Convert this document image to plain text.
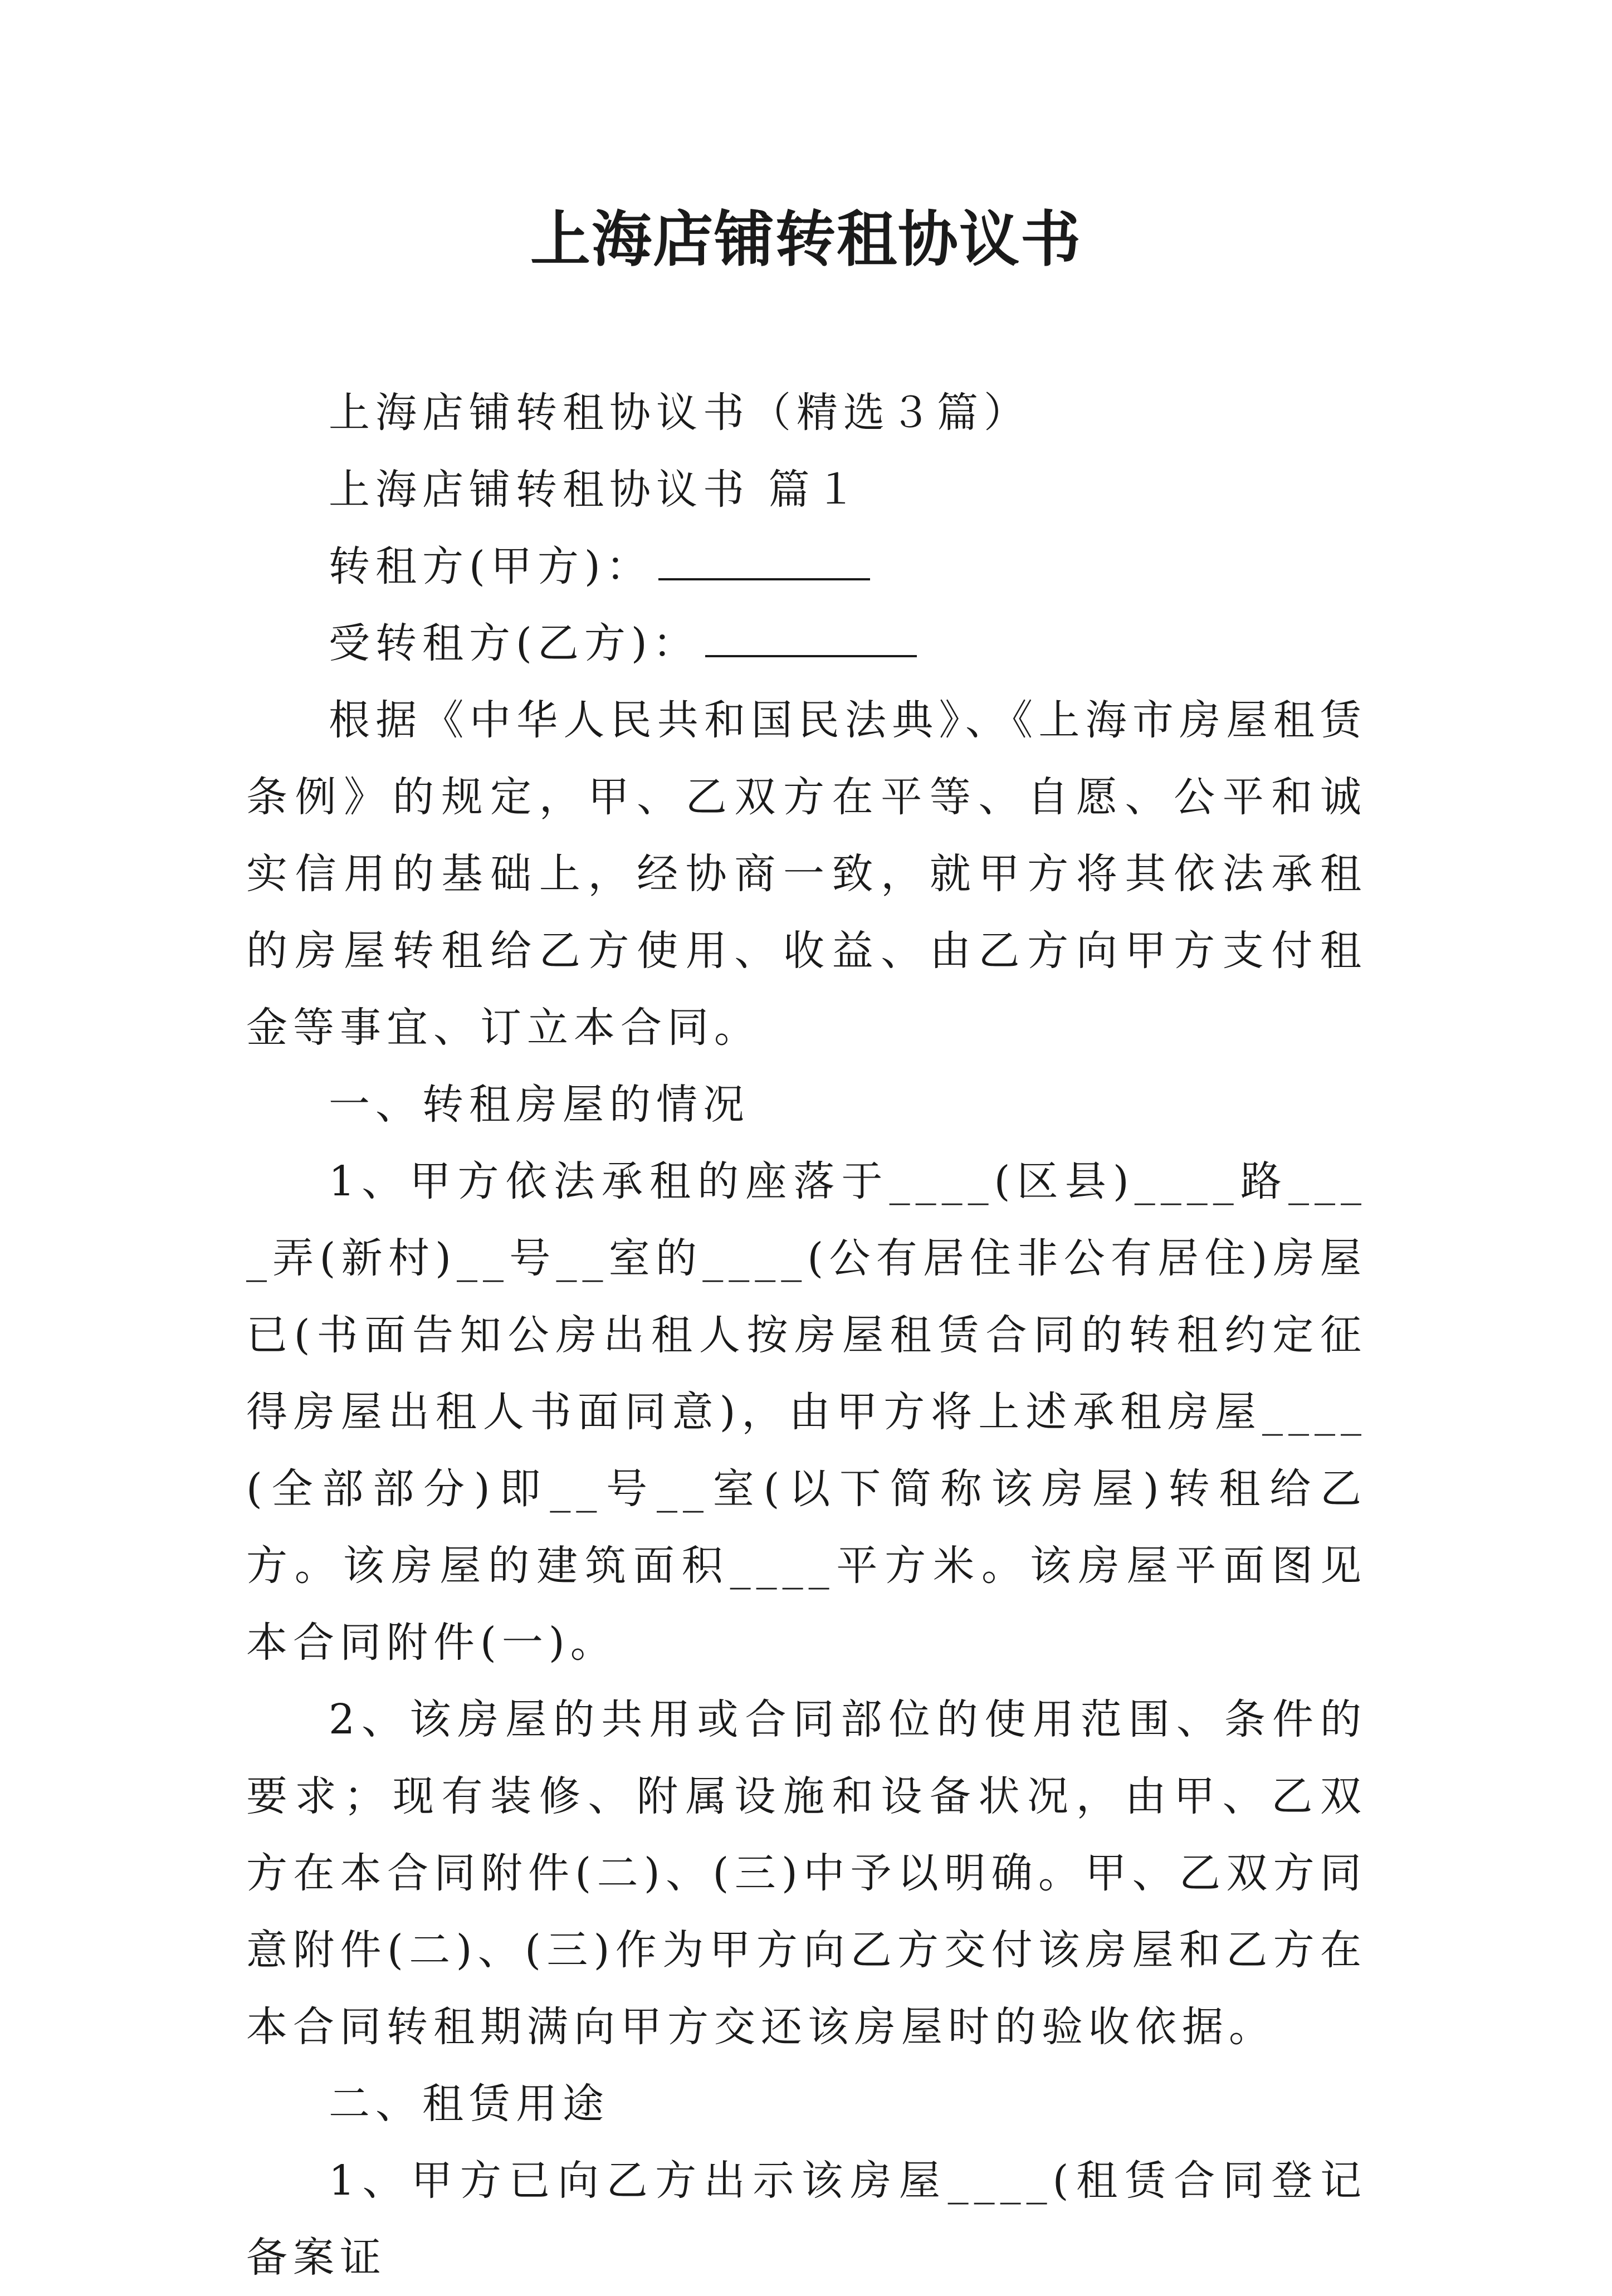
上海店铺转租协议书

上海店铺转租协议书（精选３篇）

上海店铺转租协议书 篇１

转租方(甲方)：

受转租方(乙方)：

根据《中华人民共和国民法典》、《上海市房屋租赁条例》的规定，甲、乙双方在平等、自愿、公平和诚实信用的基础上，经协商一致，就甲方将其依法承租的房屋转租给乙方使用、收益、由乙方向甲方支付租金等事宜、订立本合同。

一、转租房屋的情况

1、甲方依法承租的座落于____(区县)____路____弄(新村)__号__室的____(公有居住非公有居住)房屋已(书面告知公房出租人按房屋租赁合同的转租约定征得房屋出租人书面同意)，由甲方将上述承租房屋____(全部部分)即__号__室(以下简称该房屋)转租给乙方。该房屋的建筑面积____平方米。该房屋平面图见本合同附件(一)。

2、该房屋的共用或合同部位的使用范围、条件的要求；现有装修、附属设施和设备状况，由甲、乙双方在本合同附件(二)、(三)中予以明确。甲、乙双方同意附件(二)、(三)作为甲方向乙方交付该房屋和乙方在本合同转租期满向甲方交还该房屋时的验收依据。

二、租赁用途

1、甲方已向乙方出示该房屋____(租赁合同登记备案证
